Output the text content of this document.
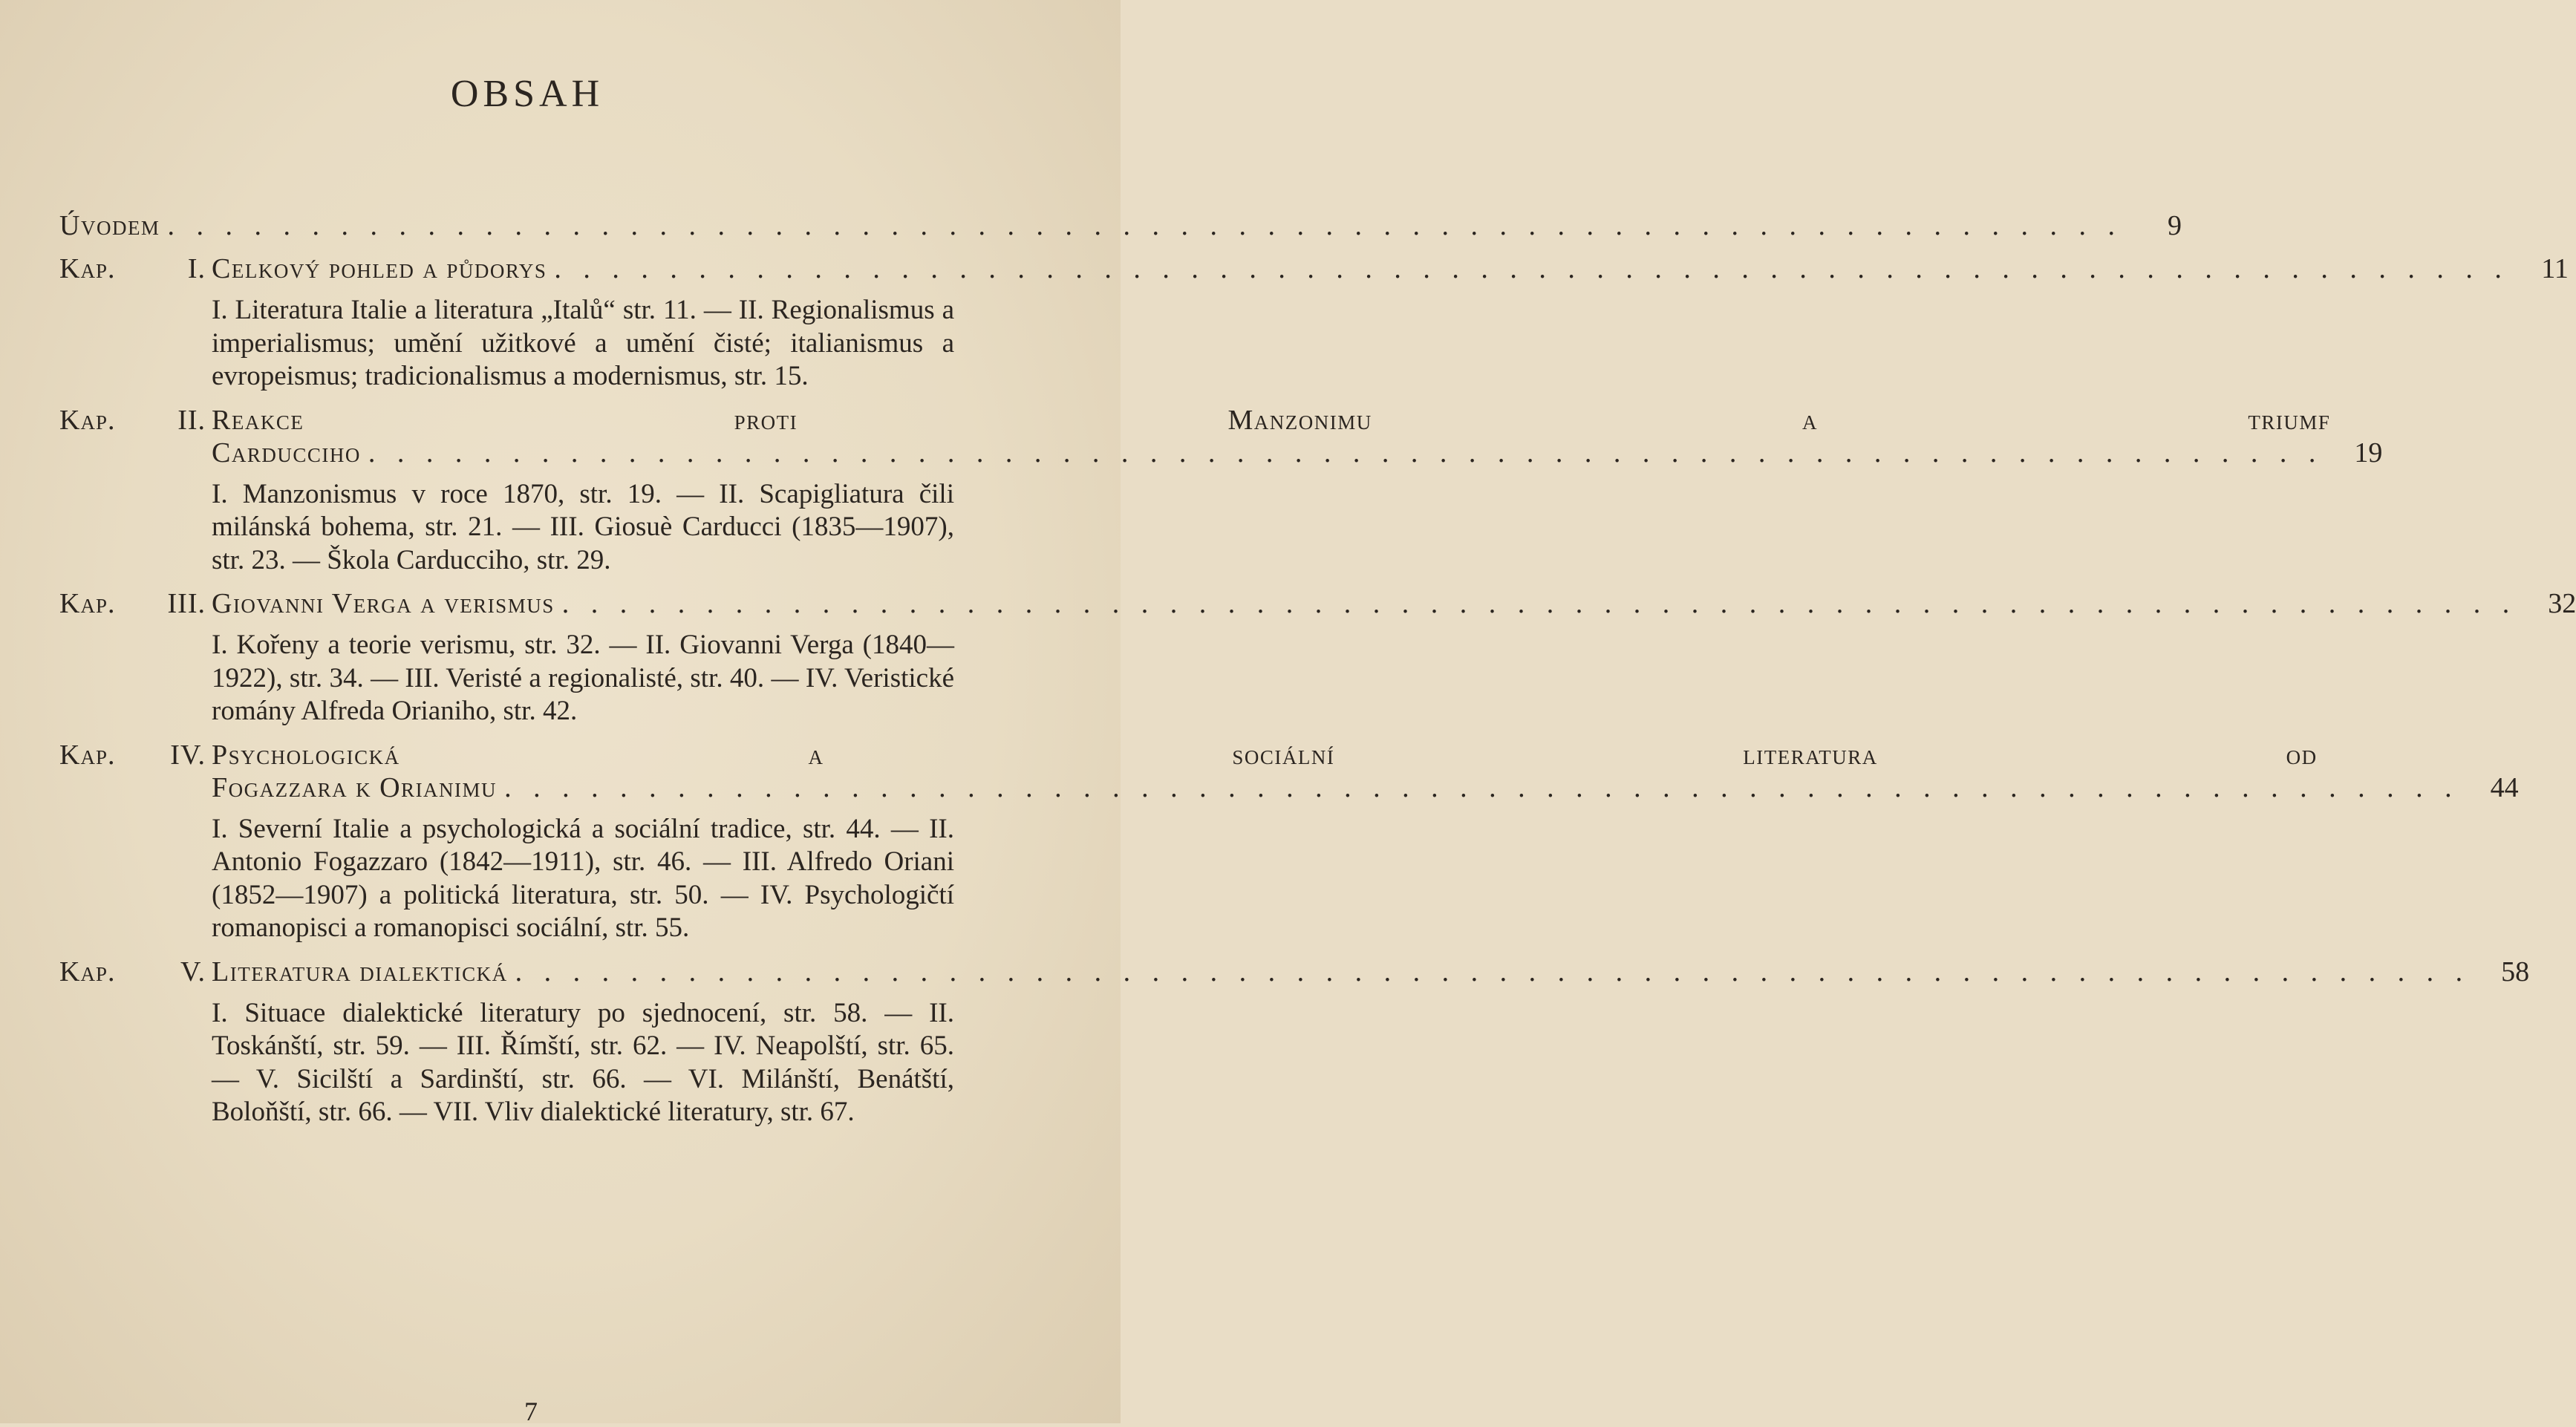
OBSAH
Úvodem . . .	9
Kap.	I. Celkový pohled a půdorys . . .	11

I. Literatura Italie a literatura „Italů“ str. 11. — II. Regionalismus a imperialismus; umění užitkové a umění čisté; italianismus a evropeismus; tradicionalismus a modernismus, str. 15.

Kap. II. Reakce proti Manzonimu a triumf
Carducciho . . .	19

I. Manzonismus v roce 1870, str. 19. — II. Scapigliatura čili milánská bohema, str. 21. — III. Giosuè Carducci (1835—1907), str. 23. — Škola Carducciho, str. 29.

Kap. III. Giovanni Verga a verismus . . .	32

I. Kořeny a teorie verismu, str. 32. — II. Giovanni Verga (1840—1922), str. 34. — III. Veristé a regionalisté, str. 40. — IV. Veristické romány Alfreda Orianiho, str. 42.

Kap. IV. Psychologická a sociální literatura od
Fogazzara k Orianimu . . .	44

I. Severní Italie a psychologická a sociální tradice, str. 44. — II. Antonio Fogazzaro (1842—1911), str. 46. — III. Alfredo Oriani (1852—1907) a politická literatura, str. 50. — IV. Psychologičtí romanopisci a romanopisci sociální, str. 55.

Kap. V. Literatura dialektická . . .	58

I. Situace dialektické literatury po sjednocení, str. 58. — II. Toskánští, str. 59. — III. Římští, str. 62. — IV. Neapolští, str. 65. — V. Sicilští a Sardinští, str. 66. — VI. Milánští, Benátští, Boloňští, str. 66. — VII. Vliv dialektické literatury, str. 67.

7
